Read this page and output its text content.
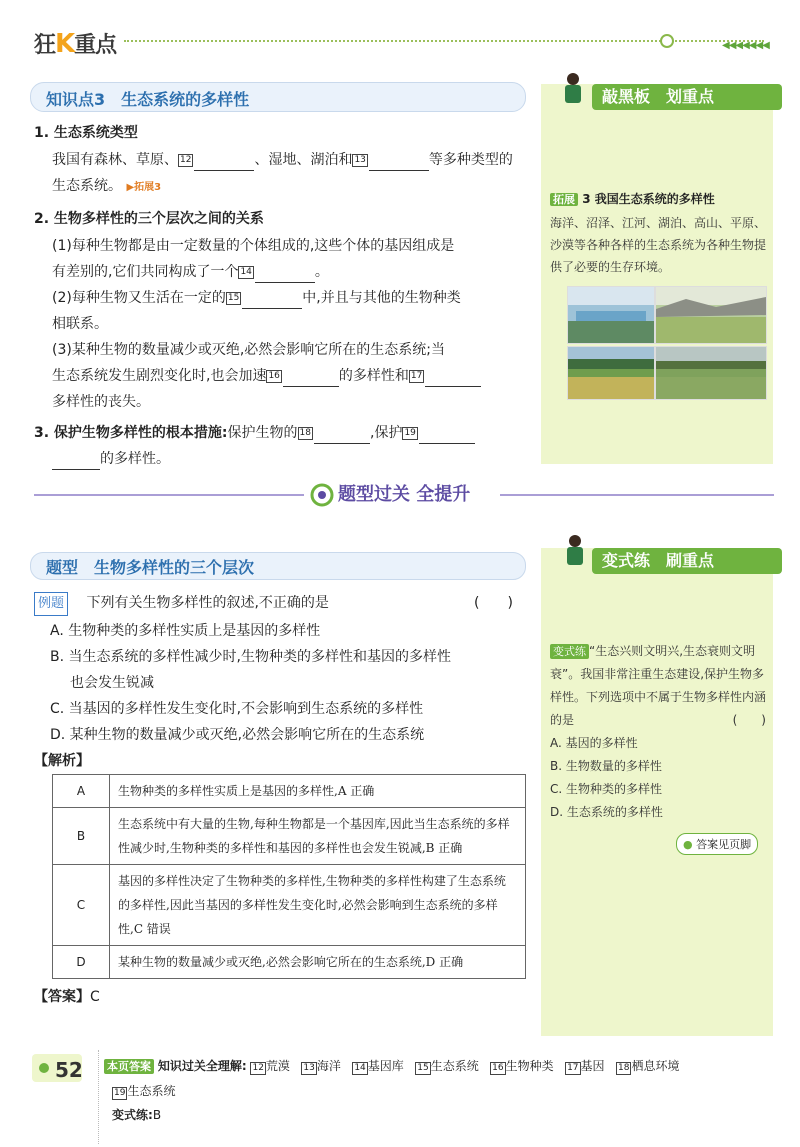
狂K重点	◀◀◀◀◀◀◀
知识点3　生态系统的多样性
1. 生态系统类型
我国有森林、草原、 12	、湿地、湖泊和 13	等多种类型的
生态系统。 ▶拓展3
2. 生物多样性的三个层次之间的关系
(1)每种生物都是由一定数量的个体组成的,这些个体的基因组成是
有差别的,它们共同构成了一个 14	。
(2)每种生物又生活在一定的 15	中,并且与其他的生物种类
相联系。
(3)某种生物的数量减少或灭绝,必然会影响它所在的生态系统;当
生态系统发生剧烈变化时,也会加速 16	的多样性和 17
多样性的丧失。
3. 保护生物多样性的根本措施:保护生物的 18	,保护 19
的多样性。
敲黑板　划重点
拓展 3 我国生态系统的多样性
海洋、沼泽、江河、湖泊、高山、平原、沙漠等各种各样的生态系统为各种生物提供了必要的生存环境。
题型过关 全提升
题型　生物多样性的三个层次
例题 下列有关生物多样性的叙述,不正确的是	(　　)
A. 生物种类的多样性实质上是基因的多样性
B. 当生态系统的多样性减少时,生物种类的多样性和基因的多样性
也会发生锐减
C. 当基因的多样性发生变化时,不会影响到生态系统的多样性
D. 某种生物的数量减少或灭绝,必然会影响它所在的生态系统
【解析】
A	生物种类的多样性实质上是基因的多样性,A 正确
B	生态系统中有大量的生物,每种生物都是一个基因库,因此当生态系统的多样性减少时,生物种类的多样性和基因的多样性也会发生锐减,B 正确
C	基因的多样性决定了生物种类的多样性,生物种类的多样性构建了生态系统的多样性,因此当基因的多样性发生变化时,必然会影响到生态系统的多样性,C 错误
D	某种生物的数量减少或灭绝,必然会影响它所在的生态系统,D 正确
【答案】C
变式练　刷重点
变式练 “生态兴则文明兴,生态衰则文明衰”。我国非常注重生态建设,保护生物多样性。下列选项中不属于生物多样性内涵的是	(　　)
A. 基因的多样性
B. 生物数量的多样性
C. 生物种类的多样性
D. 生态系统的多样性
● 答案见页脚
52 本页答案 知识过关全理解: 12 荒漠 13 海洋 14 基因库 15 生态系统 16 生物种类 17 基因 18 栖息环境
19 生态系统
变式练:B
